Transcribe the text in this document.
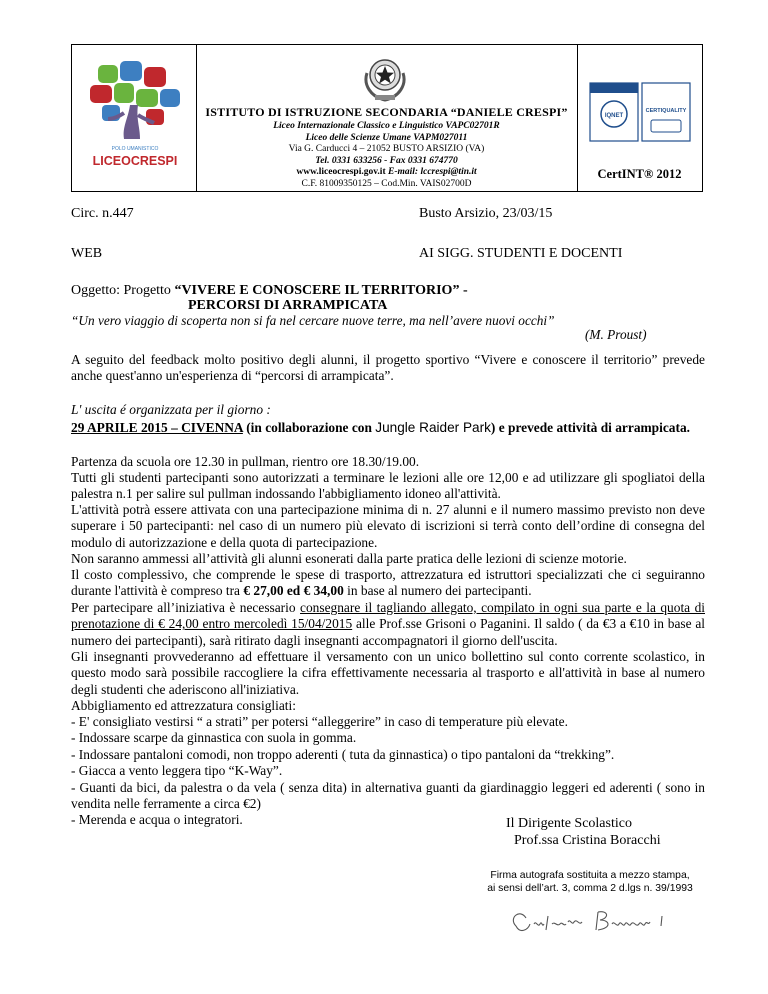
POLO UMANISTICO
LICEOCRESPI
ISTITUTO DI ISTRUZIONE SECONDARIA “DANIELE CRESPI”
Liceo Internazionale Classico e Linguistico VAPC02701R
Liceo delle Scienze Umane VAPM027011
Via G. Carducci 4 – 21052 BUSTO ARSIZIO (VA)
Tel. 0331 633256 - Fax 0331 674770
www.liceocrespi.gov.it E-mail: lccrespi@tin.it
C.F. 81009350125 – Cod.Min. VAIS02700D
IQNET
CERTIQUALITY
CertINT® 2012
Circ. n.447	Busto Arsizio, 23/03/15
WEB	AI SIGG. STUDENTI E DOCENTI
Oggetto: Progetto “VIVERE E CONOSCERE IL TERRITORIO” -
PERCORSI DI ARRAMPICATA
“Un vero viaggio di scoperta non si fa nel cercare nuove terre, ma nell’avere nuovi occhi”
(M. Proust)
A seguito del feedback molto positivo degli alunni, il progetto sportivo “Vivere e conoscere il territorio” prevede anche quest'anno un'esperienza di “percorsi di arrampicata”.
L' uscita é organizzata per il giorno :
29 APRILE 2015 – CIVENNA (in collaborazione con Jungle Raider Park) e prevede attività di arrampicata.
Partenza da scuola ore 12.30 in pullman, rientro ore 18.30/19.00.
Tutti gli studenti partecipanti sono autorizzati a terminare le lezioni alle ore 12,00 e ad utilizzare gli spogliatoi della palestra n.1 per salire sul pullman indossando l'abbigliamento idoneo all'attività.
L'attività potrà essere attivata con una partecipazione minima di n. 27 alunni e il numero massimo previsto non deve superare i 50 partecipanti: nel caso di un numero più elevato di iscrizioni si terrà conto dell’ordine di consegna del modulo di autorizzazione e della quota di partecipazione.
Non saranno ammessi all’attività gli alunni esonerati dalla parte pratica delle lezioni di scienze motorie.
Il costo complessivo, che comprende le spese di trasporto, attrezzatura ed istruttori specializzati che ci seguiranno durante l'attività è compreso tra € 27,00 ed € 34,00 in base al numero dei partecipanti.
Per partecipare all’iniziativa è necessario consegnare il tagliando allegato, compilato in ogni sua parte e la quota di prenotazione di € 24,00 entro mercoledì 15/04/2015 alle Prof.sse Grisoni o Paganini. Il saldo ( da €3 a €10 in base al numero dei partecipanti), sarà ritirato dagli insegnanti accompagnatori il giorno dell'uscita.
Gli insegnanti provvederanno ad effettuare il versamento con un unico bollettino sul conto corrente scolastico, in questo modo sarà possibile raccogliere la cifra effettivamente necessaria al trasporto e all'attività in base al numero degli studenti che aderiscono all'iniziativa.
Abbigliamento ed attrezzatura consigliati:
- E' consigliato vestirsi “ a strati” per potersi “alleggerire” in caso di temperature più elevate.
- Indossare scarpe da ginnastica con suola in gomma.
- Indossare pantaloni comodi, non troppo aderenti ( tuta da ginnastica) o tipo pantaloni da “trekking”.
- Giacca a vento leggera tipo “K-Way”.
- Guanti da bici, da palestra o da vela ( senza dita) in alternativa guanti da giardinaggio leggeri ed aderenti ( sono in vendita nelle ferramente a circa €2)
- Merenda e acqua o integratori.	Il Dirigente Scolastico
Prof.ssa Cristina Boracchi
Firma autografa sostituita a mezzo stampa,
ai sensi dell’art. 3, comma 2 d.lgs n. 39/1993
